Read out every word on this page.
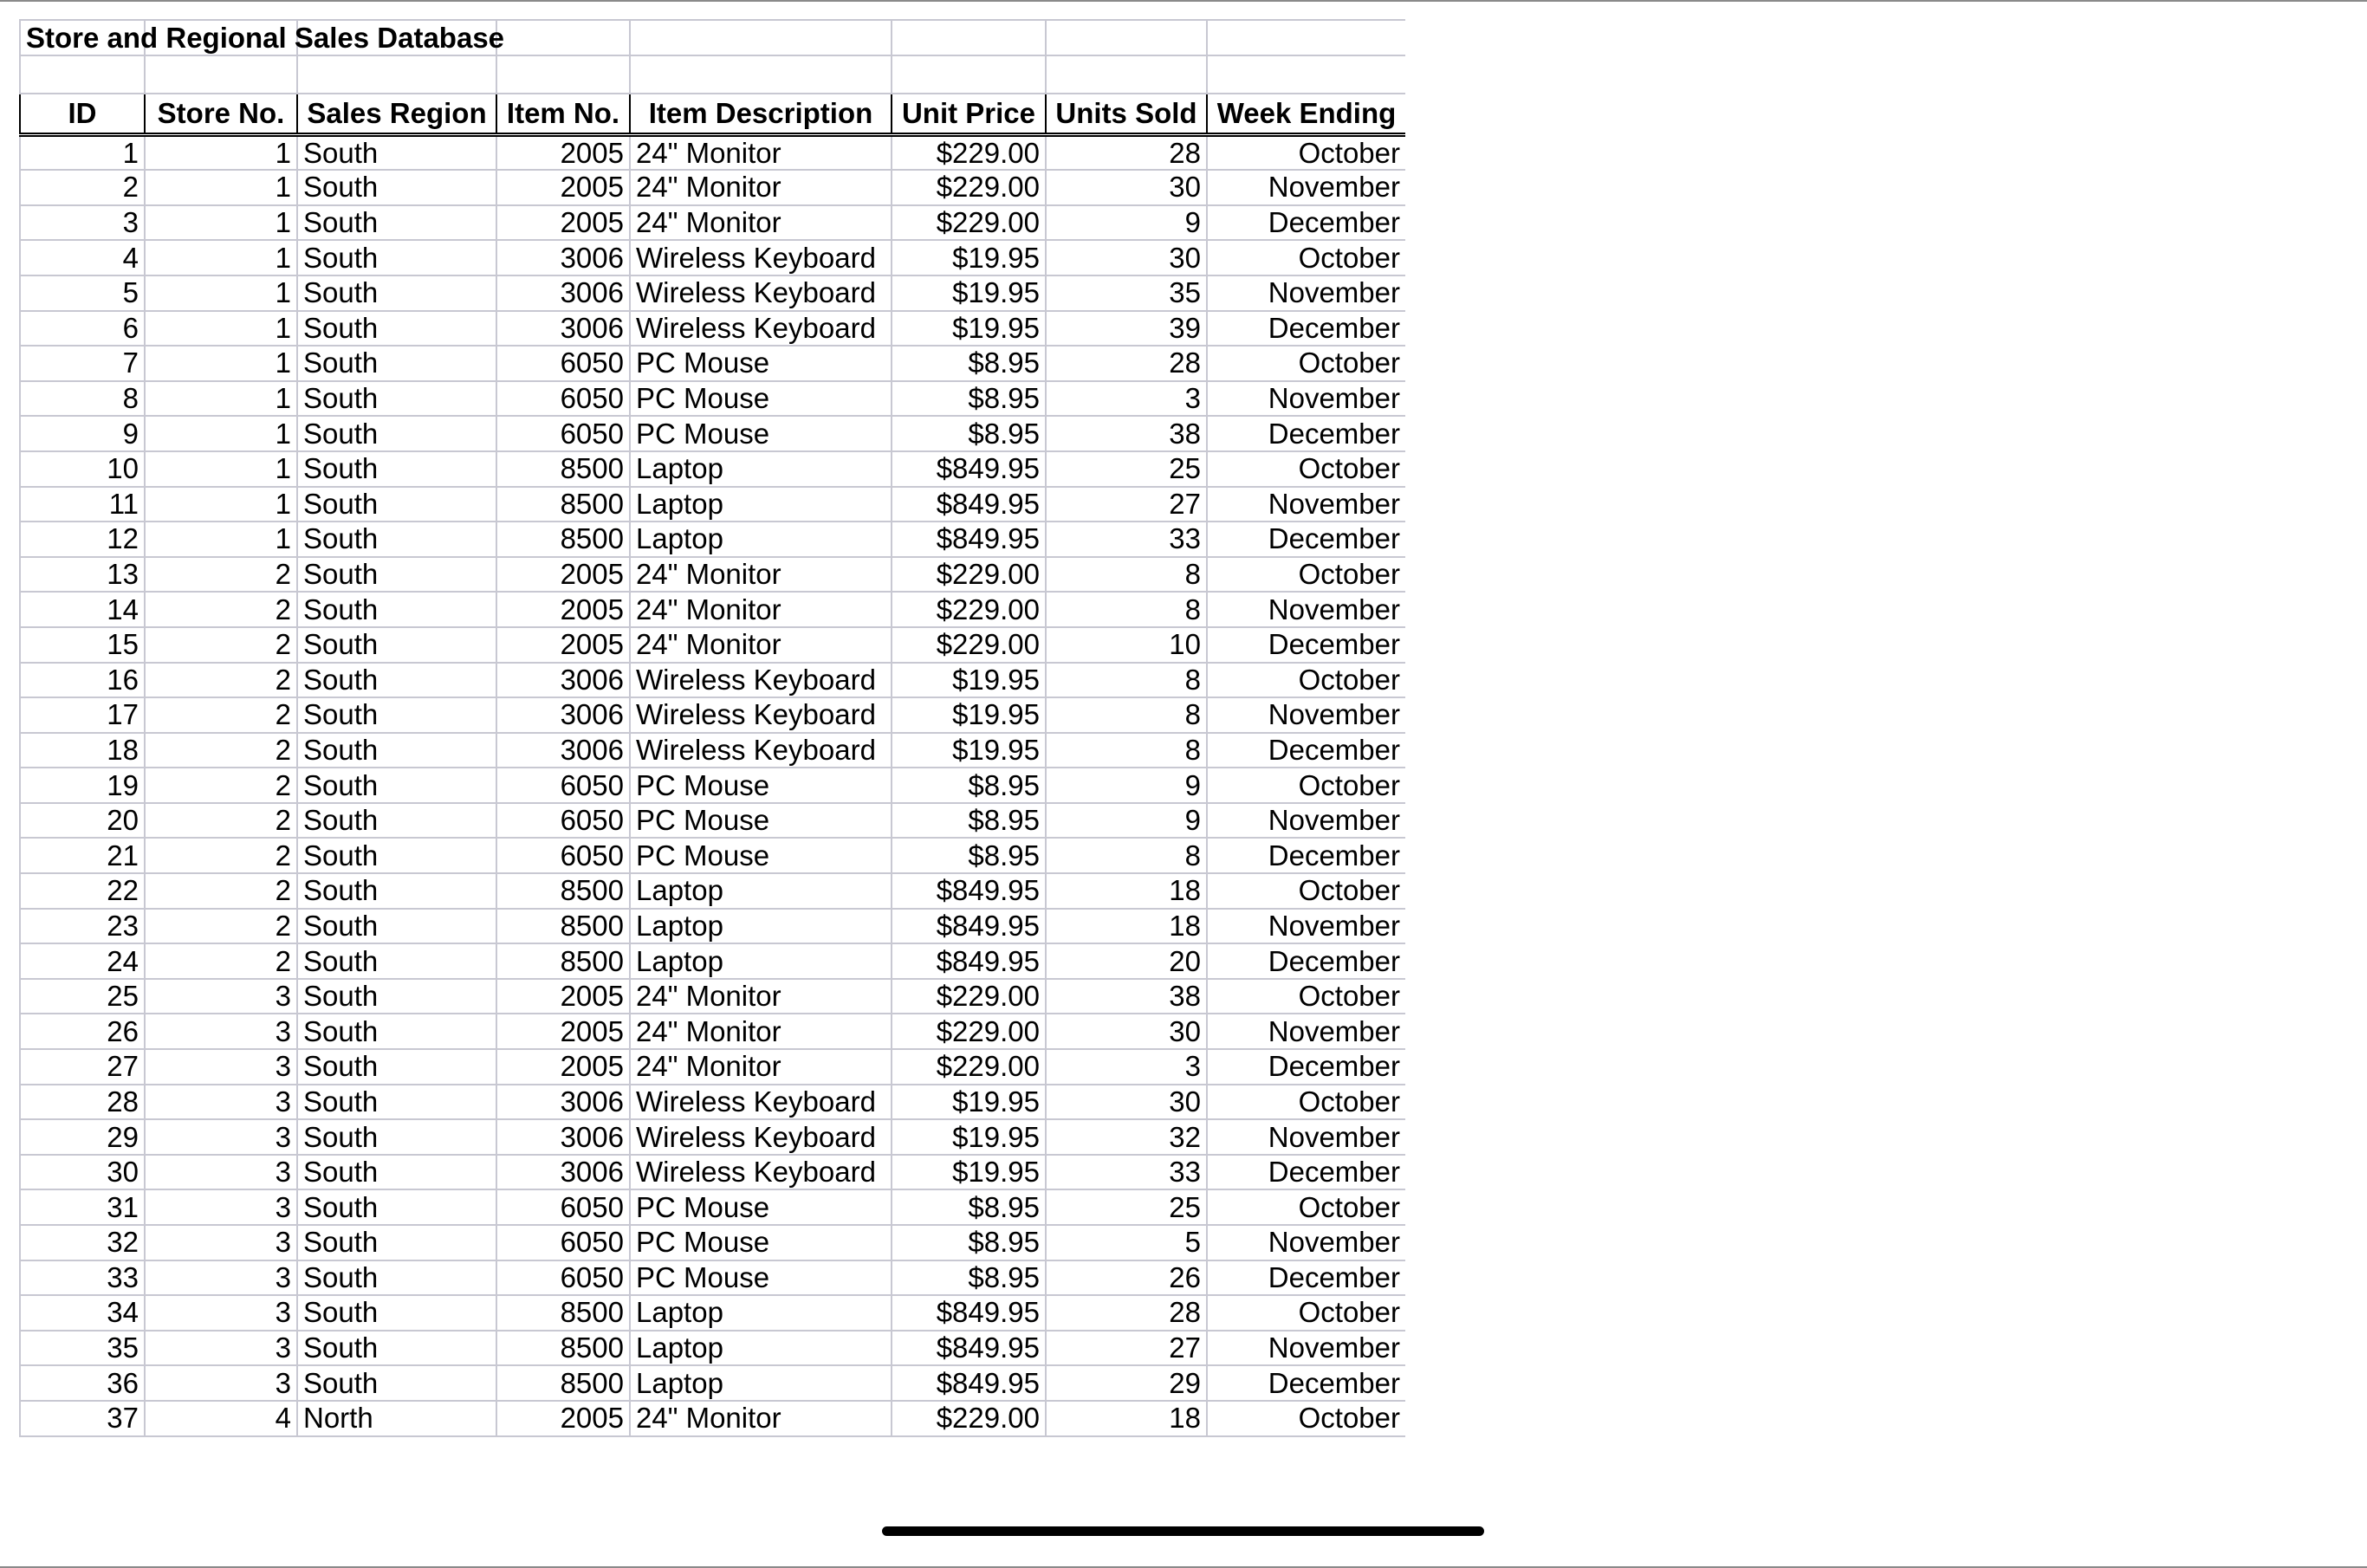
Store and Regional Sales Database							

ID	Store No.	Sales Region	Item No.	Item Description	Unit Price	Units Sold	Week Ending
1	1	South	2005	24" Monitor	$229.00	28	October
2	1	South	2005	24" Monitor	$229.00	30	November
3	1	South	2005	24" Monitor	$229.00	9	December
4	1	South	3006	Wireless Keyboard	$19.95	30	October
5	1	South	3006	Wireless Keyboard	$19.95	35	November
6	1	South	3006	Wireless Keyboard	$19.95	39	December
7	1	South	6050	PC Mouse	$8.95	28	October
8	1	South	6050	PC Mouse	$8.95	3	November
9	1	South	6050	PC Mouse	$8.95	38	December
10	1	South	8500	Laptop	$849.95	25	October
11	1	South	8500	Laptop	$849.95	27	November
12	1	South	8500	Laptop	$849.95	33	December
13	2	South	2005	24" Monitor	$229.00	8	October
14	2	South	2005	24" Monitor	$229.00	8	November
15	2	South	2005	24" Monitor	$229.00	10	December
16	2	South	3006	Wireless Keyboard	$19.95	8	October
17	2	South	3006	Wireless Keyboard	$19.95	8	November
18	2	South	3006	Wireless Keyboard	$19.95	8	December
19	2	South	6050	PC Mouse	$8.95	9	October
20	2	South	6050	PC Mouse	$8.95	9	November
21	2	South	6050	PC Mouse	$8.95	8	December
22	2	South	8500	Laptop	$849.95	18	October
23	2	South	8500	Laptop	$849.95	18	November
24	2	South	8500	Laptop	$849.95	20	December
25	3	South	2005	24" Monitor	$229.00	38	October
26	3	South	2005	24" Monitor	$229.00	30	November
27	3	South	2005	24" Monitor	$229.00	3	December
28	3	South	3006	Wireless Keyboard	$19.95	30	October
29	3	South	3006	Wireless Keyboard	$19.95	32	November
30	3	South	3006	Wireless Keyboard	$19.95	33	December
31	3	South	6050	PC Mouse	$8.95	25	October
32	3	South	6050	PC Mouse	$8.95	5	November
33	3	South	6050	PC Mouse	$8.95	26	December
34	3	South	8500	Laptop	$849.95	28	October
35	3	South	8500	Laptop	$849.95	27	November
36	3	South	8500	Laptop	$849.95	29	December
37	4	North	2005	24" Monitor	$229.00	18	October
